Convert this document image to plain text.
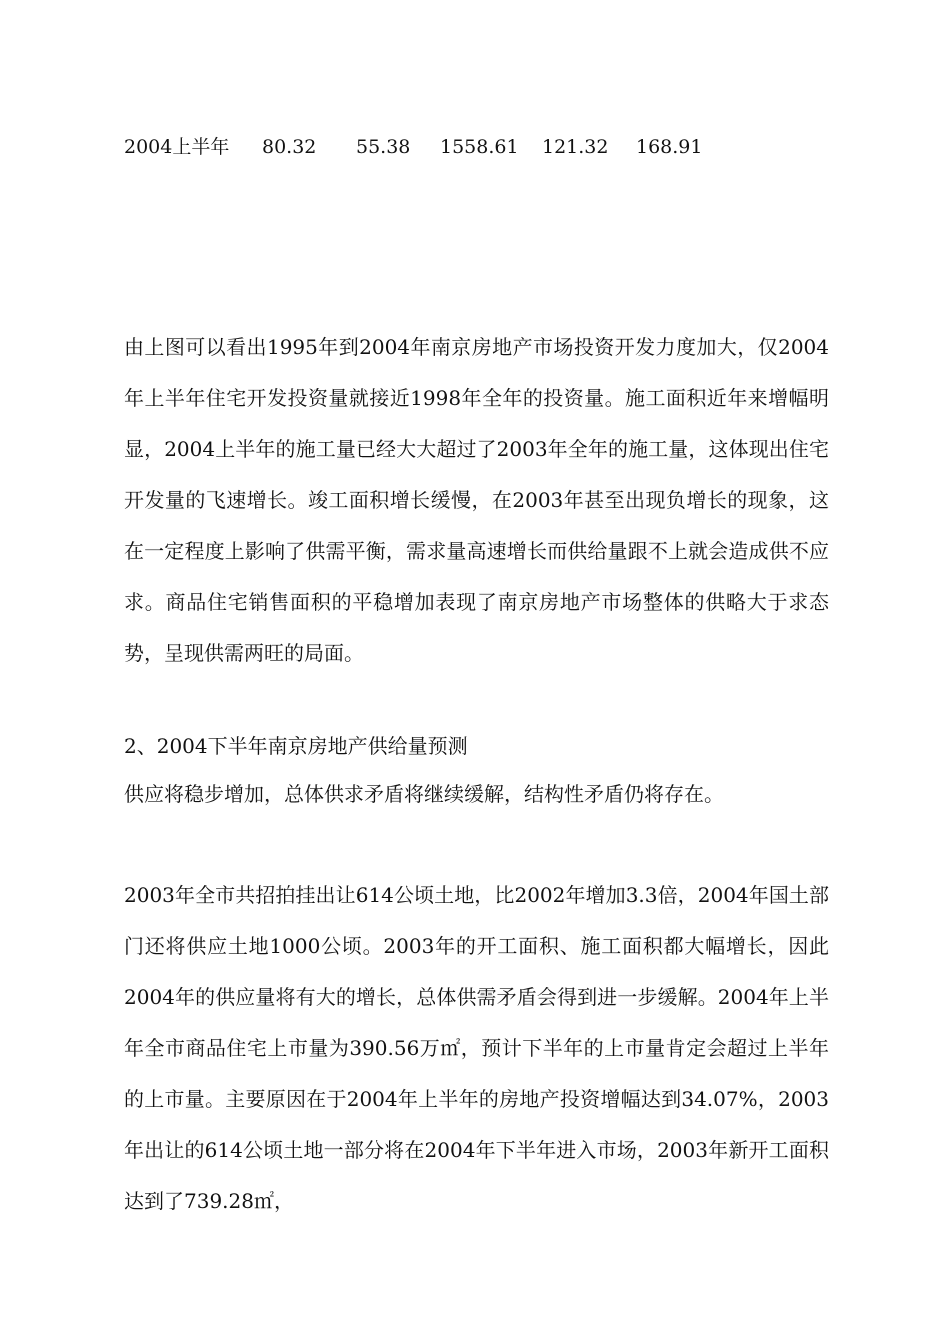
2004上半年	80.32	55.38	1558.61	121.32	168.91

由上图可以看出1995年到2004年南京房地产市场投资开发力度加大，仅2004年上半年住宅开发投资量就接近1998年全年的投资量。施工面积近年来增幅明显，2004上半年的施工量已经大大超过了2003年全年的施工量，这体现出住宅开发量的飞速增长。竣工面积增长缓慢，在2003年甚至出现负增长的现象，这在一定程度上影响了供需平衡，需求量高速增长而供给量跟不上就会造成供不应求。商品住宅销售面积的平稳增加表现了南京房地产市场整体的供略大于求态势，呈现供需两旺的局面。

2、2004下半年南京房地产供给量预测

供应将稳步增加，总体供求矛盾将继续缓解，结构性矛盾仍将存在。

2003年全市共招拍挂出让614公顷土地，比2002年增加3.3倍，2004年国土部门还将供应土地1000公顷。2003年的开工面积、施工面积都大幅增长，因此2004年的供应量将有大的增长，总体供需矛盾会得到进一步缓解。2004年上半年全市商品住宅上市量为390.56万㎡，预计下半年的上市量肯定会超过上半年的上市量。主要原因在于2004年上半年的房地产投资增幅达到34.07%，2003年出让的614公顷土地一部分将在2004年下半年进入市场，2003年新开工面积达到了739.28㎡，
